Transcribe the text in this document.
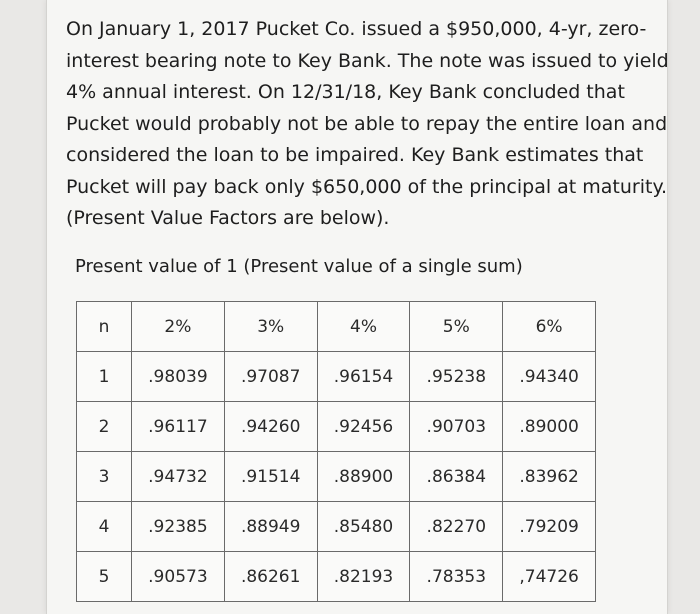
On January 1, 2017 Pucket Co. issued a $950,000, 4-yr, zero-
interest bearing note to Key Bank. The note was issued to yield
4% annual interest. On 12/31/18, Key Bank concluded that
Pucket would probably not be able to repay the entire loan and
considered the loan to be impaired. Key Bank estimates that
Pucket will pay back only $650,000 of the principal at maturity.
(Present Value Factors are below).

Present value of 1 (Present value of a single sum)

n	2%	3%	4%	5%	6%
1	.98039	.97087	.96154	.95238	.94340
2	.96117	.94260	.92456	.90703	.89000
3	.94732	.91514	.88900	.86384	.83962
4	.92385	.88949	.85480	.82270	.79209
5	.90573	.86261	.82193	.78353	,74726
